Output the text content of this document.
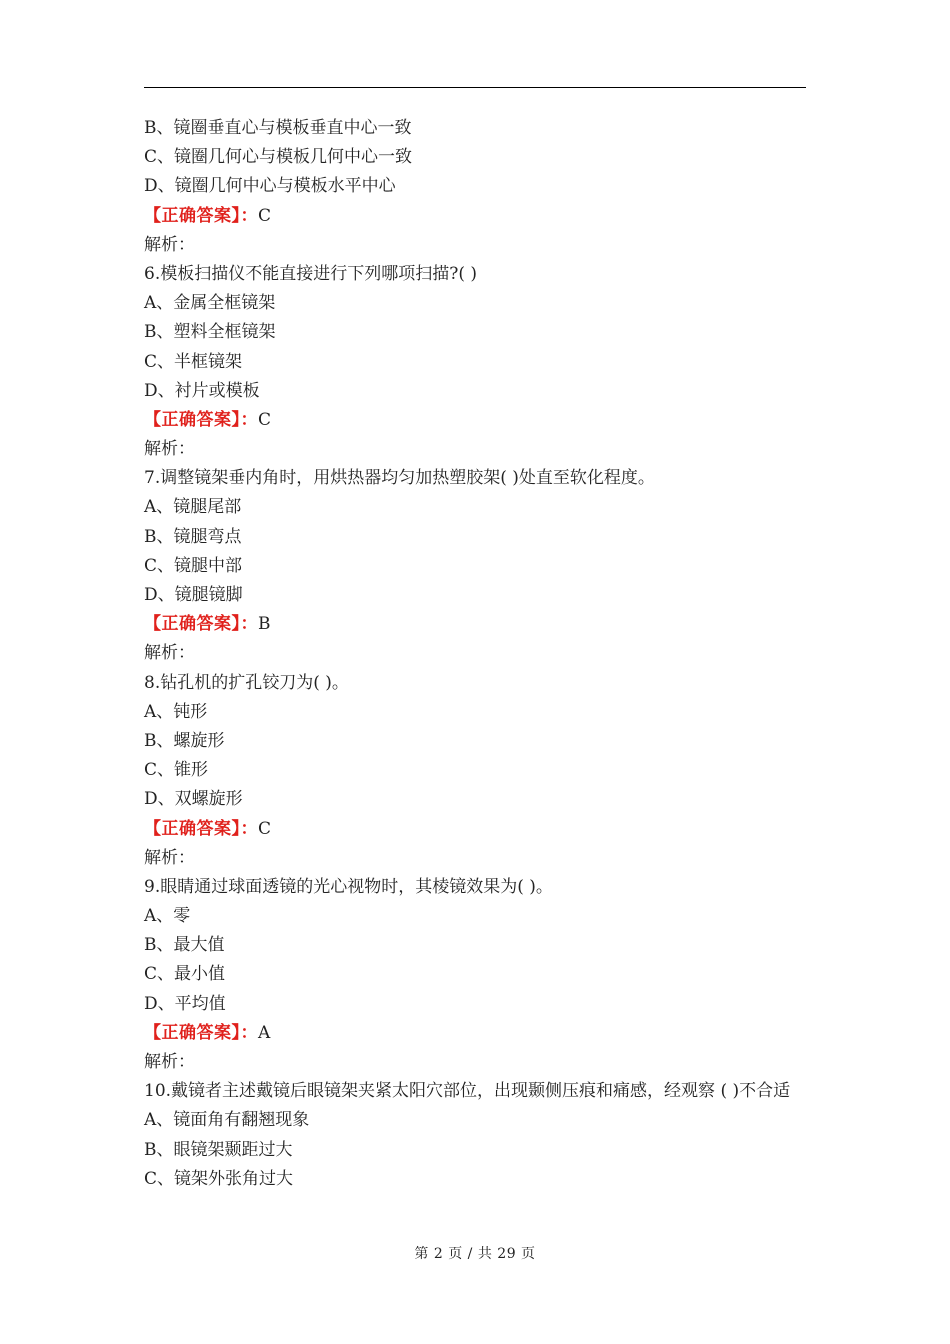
B、镜圈垂直心与模板垂直中心一致
C、镜圈几何心与模板几何中心一致
D、镜圈几何中心与模板水平中心
【正确答案】：C
解析：
6.模板扫描仪不能直接进行下列哪项扫描?( )
A、金属全框镜架
B、塑料全框镜架
C、半框镜架
D、衬片或模板
【正确答案】：C
解析：
7.调整镜架垂内角时，用烘热器均匀加热塑胶架( )处直至软化程度。
A、镜腿尾部
B、镜腿弯点
C、镜腿中部
D、镜腿镜脚
【正确答案】：B
解析：
8.钻孔机的扩孔铰刀为( )。
A、钝形
B、螺旋形
C、锥形
D、双螺旋形
【正确答案】：C
解析：
9.眼睛通过球面透镜的光心视物时，其棱镜效果为( )。
A、零
B、最大值
C、最小值
D、平均值
【正确答案】：A
解析：
10.戴镜者主述戴镜后眼镜架夹紧太阳穴部位，出现颞侧压痕和痛感，经观察 ( )不合适
A、镜面角有翻翘现象
B、眼镜架颞距过大
C、镜架外张角过大
第 2 页 / 共 29 页
